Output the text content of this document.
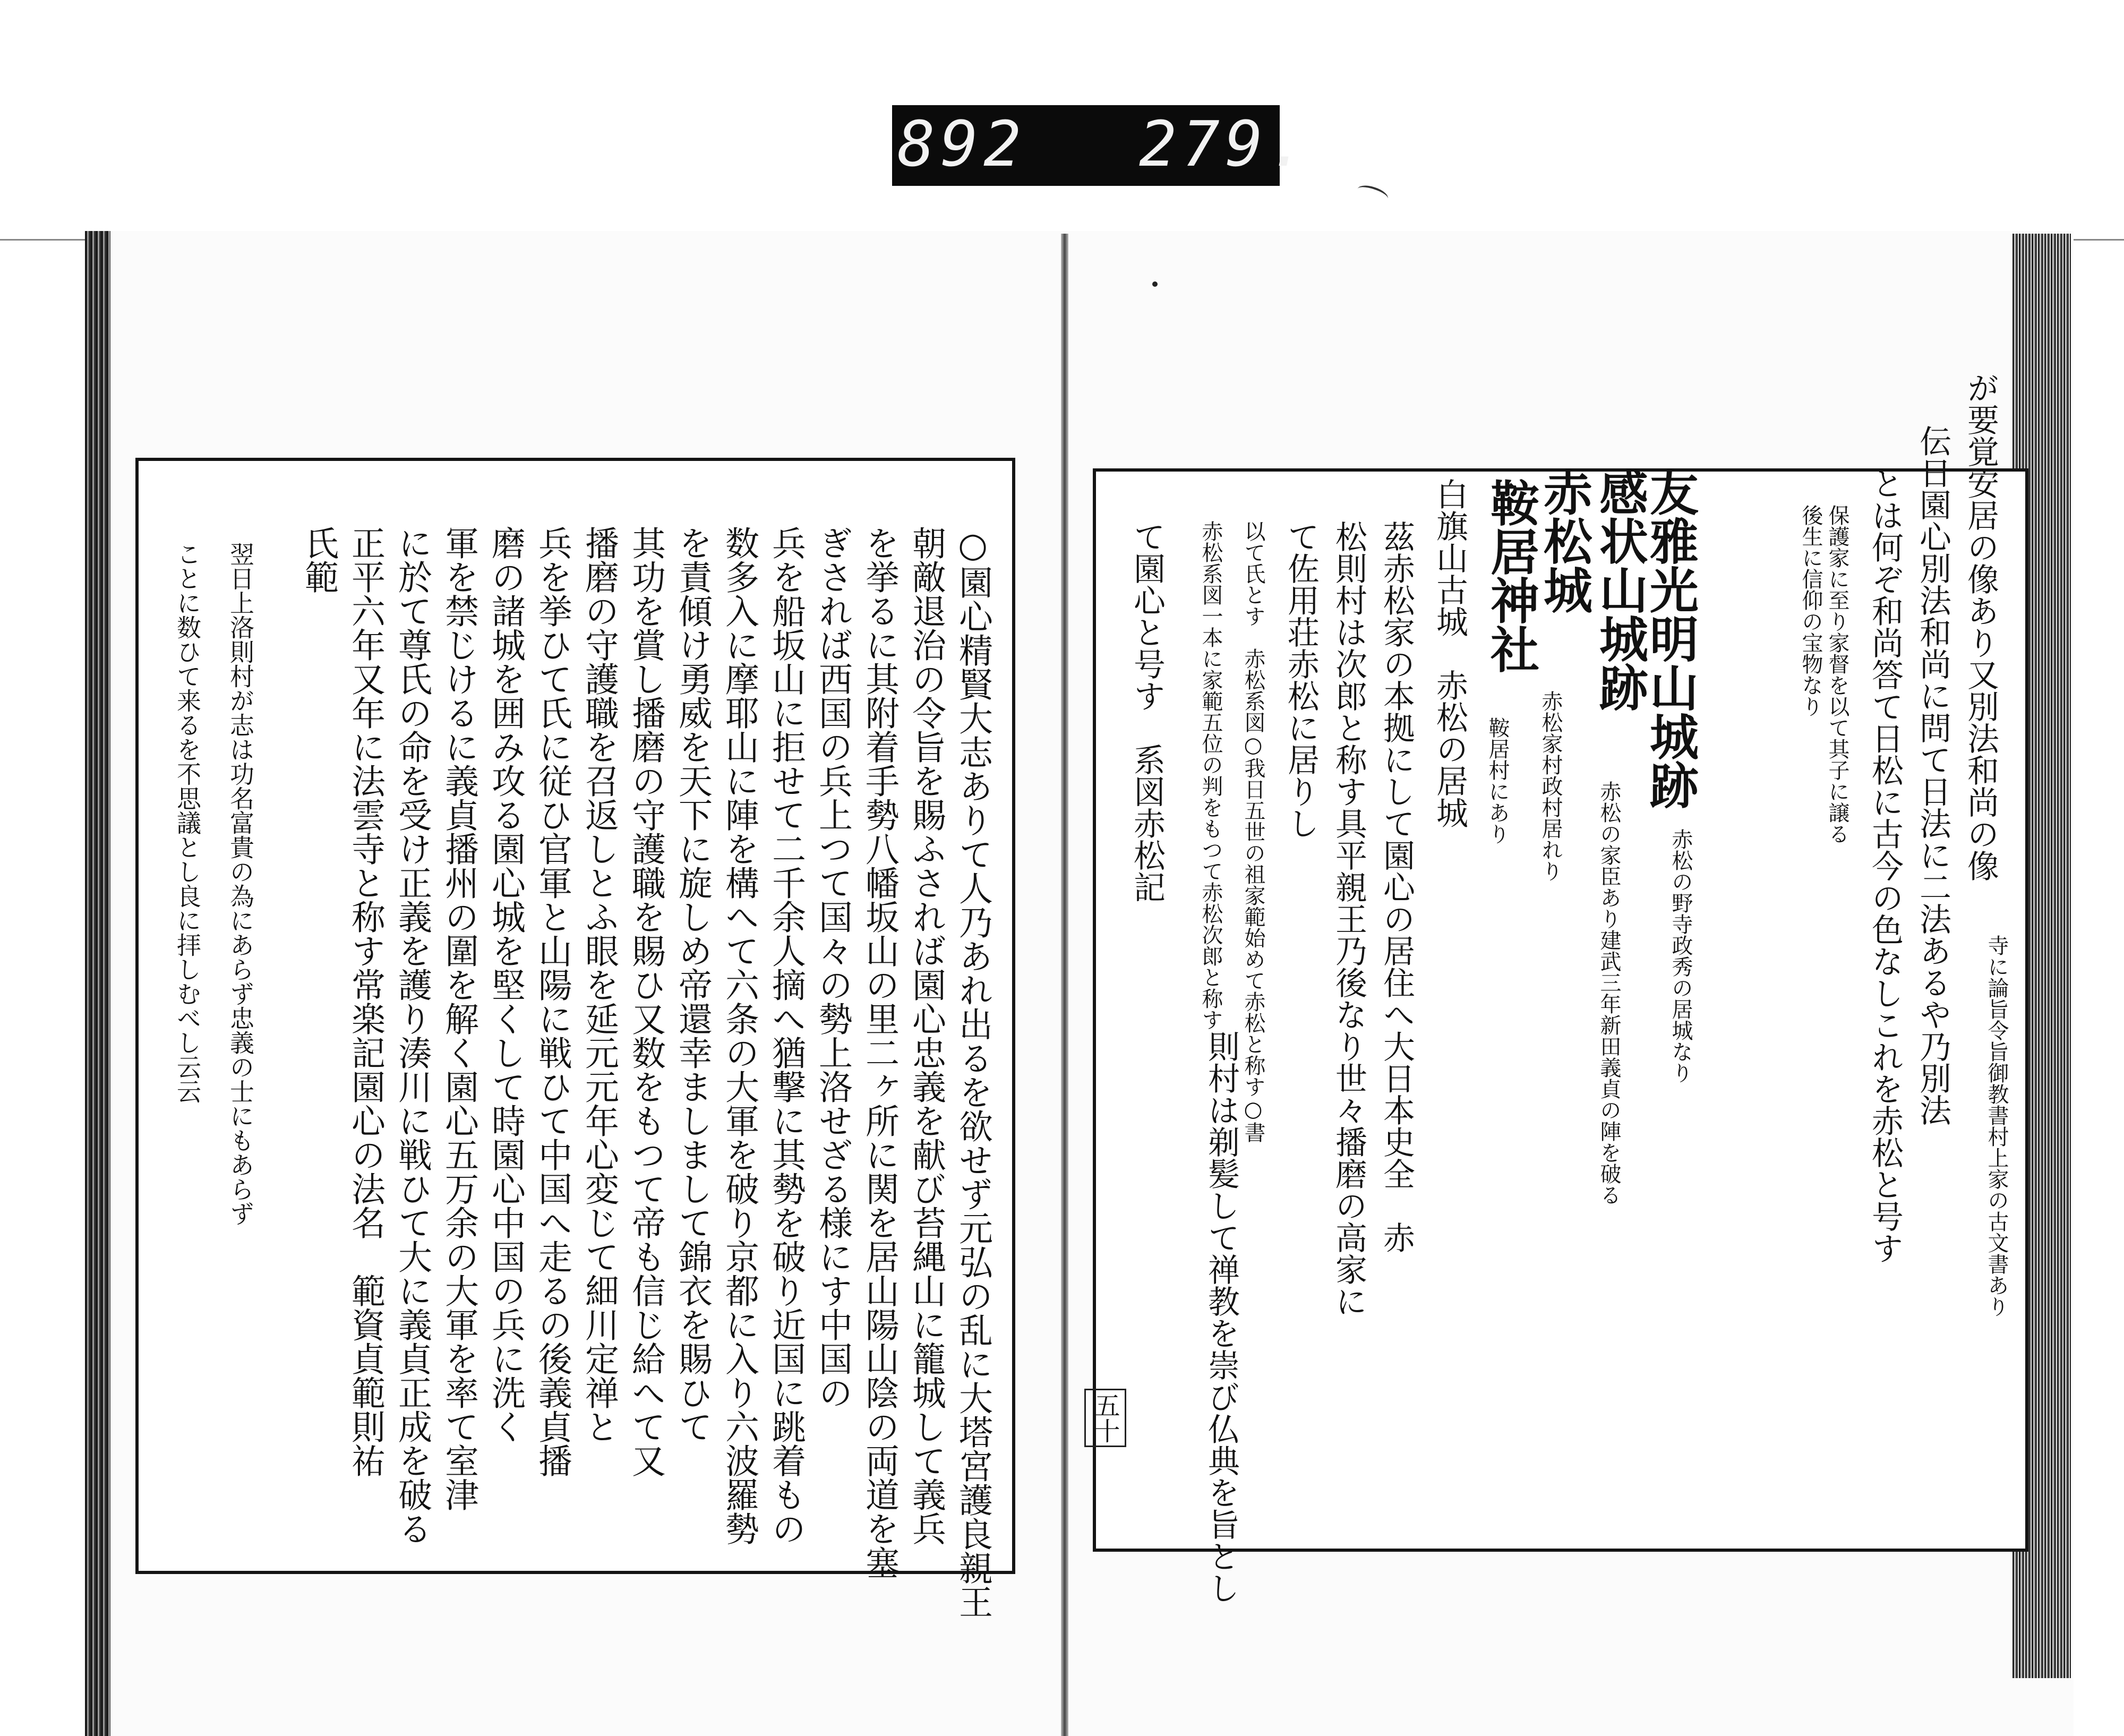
892 279.
○園心精賢大志ありて人乃あれ出るを欲せず元弘の乱に大塔宮護良親王
朝敵退治の令旨を賜ふされば園心忠義を献び苔縄山に籠城して義兵
を挙るに其附着手勢八幡坂山の里二ヶ所に関を居山陽山陰の両道を塞
ぎされば西国の兵上つて国々の勢上洛せざる様にす中国の
兵を船坂山に拒せて二千余人摘へ猶撃に其勢を破り近国に跳着もの
数多入に摩耶山に陣を構へて六条の大軍を破り京都に入り六波羅勢
を責傾け勇威を天下に旋しめ帝還幸ましまして錦衣を賜ひて
其功を賞し播磨の守護職を賜ひ又数をもつて帝も信じ給へて又
播磨の守護職を召返しとふ眼を延元元年心変じて細川定禅と
兵を挙ひて氏に従ひ官軍と山陽に戦ひて中国へ走るの後義貞播
磨の諸城を囲み攻る園心城を堅くして時園心中国の兵に洗く
軍を禁じけるに義貞播州の圍を解く園心五万余の大軍を率て室津
に於て尊氏の命を受け正義を護り湊川に戦ひて大に義貞正成を破る
正平六年又年に法雲寺と称す常楽記園心の法名　範資貞範則祐
氏範
翌日上洛則村が志は功名富貴の為にあらず忠義の士にもあらず
ことに数ひて来るを不思議とし良に拝しむべし云云	が要覚安居の像あり又別法和尚の像
寺に論旨令旨御教書村上家の古文書あり
伝日園心別法和尚に問て日法に二法あるや乃別法
とは何ぞ和尚答て日松に古今の色なしこれを赤松と号す
保護家に至り家督を以て其子に譲る
後生に信仰の宝物なり
友雅光明山城跡
赤松の野寺政秀の居城なり
感状山城跡
赤松の家臣あり建武三年新田義貞の陣を破る
赤松城
赤松家村政村居れり
鞍居神社
鞍居村にあり
白旗山古城　赤松の居城
茲赤松家の本拠にして園心の居住へ大日本史全　赤
松則村は次郎と称す具平親王乃後なり世々播磨の高家に
て佐用荘赤松に居りし
以て氏とす　赤松系図○我日五世の祖家範始めて赤松と称す○書
赤松系図一本に家範五位の判をもつて赤松次郎と称す
て園心と号す　系図赤松記
則村は剃髪して禅教を崇び仏典を旨とし
五十
